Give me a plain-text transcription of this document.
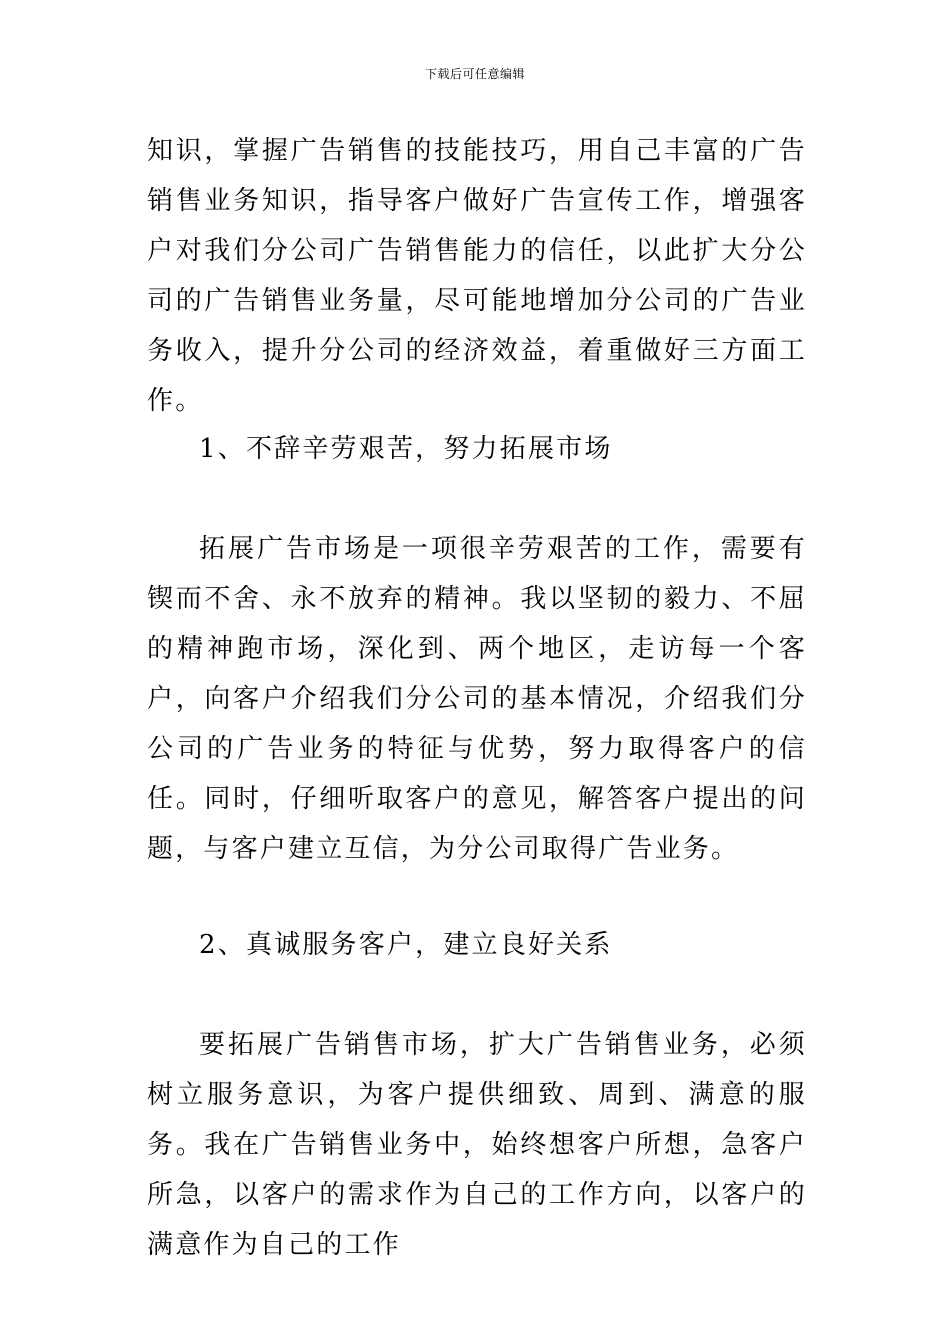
下载后可任意编辑

知识，掌握广告销售的技能技巧，用自己丰富的广告销售业务知识，指导客户做好广告宣传工作，增强客户对我们分公司广告销售能力的信任，以此扩大分公司的广告销售业务量，尽可能地增加分公司的广告业务收入，提升分公司的经济效益，着重做好三方面工作。

1、不辞辛劳艰苦，努力拓展市场

拓展广告市场是一项很辛劳艰苦的工作，需要有锲而不舍、永不放弃的精神。我以坚韧的毅力、不屈的精神跑市场，深化到、两个地区，走访每一个客户，向客户介绍我们分公司的基本情况，介绍我们分公司的广告业务的特征与优势，努力取得客户的信任。同时，仔细听取客户的意见，解答客户提出的问题，与客户建立互信，为分公司取得广告业务。

2、真诚服务客户，建立良好关系

要拓展广告销售市场，扩大广告销售业务，必须树立服务意识，为客户提供细致、周到、满意的服务。我在广告销售业务中，始终想客户所想，急客户所急，以客户的需求作为自己的工作方向，以客户的满意作为自己的工作
